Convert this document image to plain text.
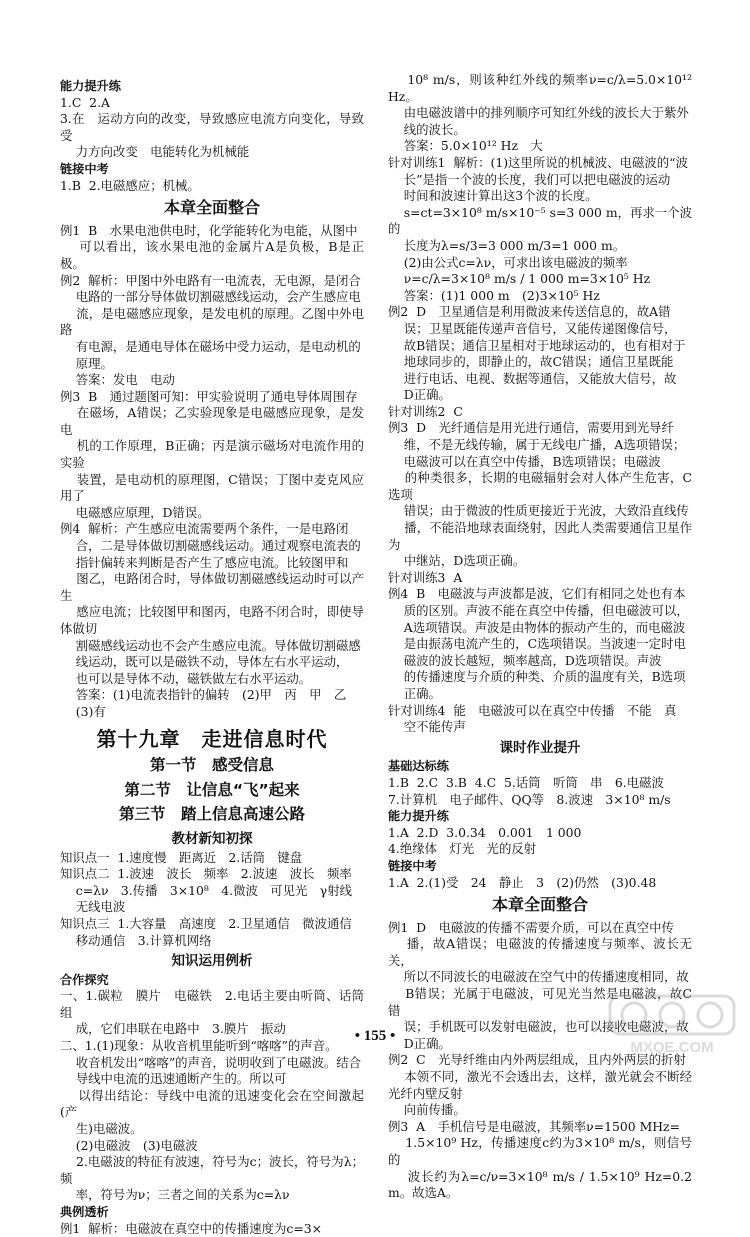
能力提升练
1.C  2.A
3.在　运动方向的改变，导致感应电流方向变化，导致受
力方向改变　电能转化为机械能
链接中考
1.B  2.电磁感应；机械。
本章全面整合
例1  B　水果电池供电时，化学能转化为电能，从图中
可以看出，该水果电池的金属片A是负极，B是正极。
例2  解析：甲图中外电路有一电流表，无电源，是闭合
电路的一部分导体做切割磁感线运动，会产生感应电
流，是电磁感应现象，是发电机的原理。乙图中外电路
有电源，是通电导体在磁场中受力运动，是电动机的
原理。
答案：发电　电动
例3  B　通过题图可知：甲实验说明了通电导体周围存
在磁场，A错误；乙实验现象是电磁感应现象，是发电
机的工作原理，B正确；丙是演示磁场对电流作用的实验
装置，是电动机的原理图，C错误；丁图中麦克风应用了
电磁感应原理，D错误。
例4  解析：产生感应电流需要两个条件，一是电路闭
合，二是导体做切割磁感线运动。通过观察电流表的
指针偏转来判断是否产生了感应电流。比较图甲和
图乙，电路闭合时，导体做切割磁感线运动时可以产生
感应电流；比较图甲和图丙，电路不闭合时，即使导体做切
割磁感线运动也不会产生感应电流。导体做切割磁感
线运动，既可以是磁铁不动，导体左右水平运动，
也可以是导体不动，磁铁做左右水平运动。
答案：(1)电流表指针的偏转　(2)甲　丙　甲　乙
(3)有
第十九章　走进信息时代
第一节　感受信息
第二节　让信息“飞”起来
第三节　踏上信息高速公路
教材新知初探
知识点一  1.速度慢　距离近　2.话筒　键盘
知识点二  1.波速　波长　频率　2.波速　波长　频率
c=λν　3.传播　3×10⁸　4.微波　可见光　γ射线
无线电波
知识点三  1.大容量　高速度　2.卫星通信　微波通信
移动通信　3.计算机网络
知识运用例析
合作探究
一、1.碳粒　膜片　电磁铁　2.电话主要由听筒、话筒组
成，它们串联在电路中　3.膜片　振动
二、1.(1)现象：从收音机里能听到“喀喀”的声音。
收音机发出“喀喀”的声音，说明收到了电磁波。结合
导线中电流的迅速通断产生的。所以可
以得出结论：导线中电流的迅速变化会在空间激起(产
生)电磁波。
(2)电磁波　(3)电磁波
2.电磁波的特征有波速，符号为c；波长，符号为λ；频
率，符号为ν；三者之间的关系为c=λν
典例透析
例1  解析：电磁波在真空中的传播速度为c=3×
10⁸ m/s，则该种红外线的频率ν=c/λ=5.0×10¹² Hz。
由电磁波谱中的排列顺序可知红外线的波长大于紫外
线的波长。
答案：5.0×10¹² Hz　大
针对训练1  解析：(1)这里所说的机械波、电磁波的“波
长”是指一个波的长度，我们可以把电磁波的运动
时间和波速计算出这3个波的长度。
s=ct=3×10⁸ m/s×10⁻⁵ s=3 000 m，再求一个波的
长度为λ=s/3=3 000 m/3=1 000 m。
(2)由公式c=λν，可求出该电磁波的频率
ν=c/λ=3×10⁸ m/s / 1 000 m=3×10⁵ Hz
答案：(1)1 000 m　(2)3×10⁵ Hz
例2  D　卫星通信是利用微波来传送信息的，故A错
误；卫星既能传递声音信号，又能传递图像信号，
故B错误；通信卫星相对于地球运动的，也有相对于
地球同步的，即静止的，故C错误；通信卫星既能
进行电话、电视、数据等通信，又能放大信号，故
D正确。
针对训练2  C
例3  D　光纤通信是用光进行通信，需要用到光导纤
维，不是无线传输，属于无线电广播，A选项错误；
电磁波可以在真空中传播，B选项错误；电磁波
的种类很多，长期的电磁辐射会对人体产生危害，C选项
错误；由于微波的性质更接近于光波，大致沿直线传
播，不能沿地球表面绕射，因此人类需要通信卫星作为
中继站，D选项正确。
针对训练3  A
例4  B　电磁波与声波都是波，它们有相同之处也有本
质的区别。声波不能在真空中传播，但电磁波可以，
A选项错误。声波是由物体的振动产生的，而电磁波
是由振荡电流产生的，C选项错误。当波速一定时电
磁波的波长越短，频率越高，D选项错误。声波
的传播速度与介质的种类、介质的温度有关，B选项
正确。
针对训练4  能　电磁波可以在真空中传播　不能　真
空不能传声
课时作业提升
基础达标练
1.B  2.C  3.B  4.C  5.话筒　听筒　串　6.电磁波
7.计算机　电子邮件、QQ等　8.波速　3×10⁸ m/s
能力提升练
1.A  2.D  3.0.34　0.001　1 000
4.绝缘体　灯光　光的反射
链接中考
1.A  2.(1)受　24　静止　3　(2)仍然　(3)0.48
本章全面整合
例1  D　电磁波的传播不需要介质，可以在真空中传
播，故A错误；电磁波的传播速度与频率、波长无关，
所以不同波长的电磁波在空气中的传播速度相同，故
B错误；光属于电磁波，可见光当然是电磁波，故C错
误；手机既可以发射电磁波，也可以接收电磁波，故
D正确。
例2  C　光导纤维由内外两层组成，且内外两层的折射
本领不同，激光不会透出去，这样，激光就会不断经光纤内壁反射
向前传播。
例3  A　手机信号是电磁波，其频率ν=1500 MHz=
1.5×10⁹ Hz，传播速度c约为3×10⁸ m/s，则信号的
波长约为λ=c/ν=3×10⁸ m/s / 1.5×10⁹ Hz=0.2 m。故选A。
• 155 •
MXQE.COM
